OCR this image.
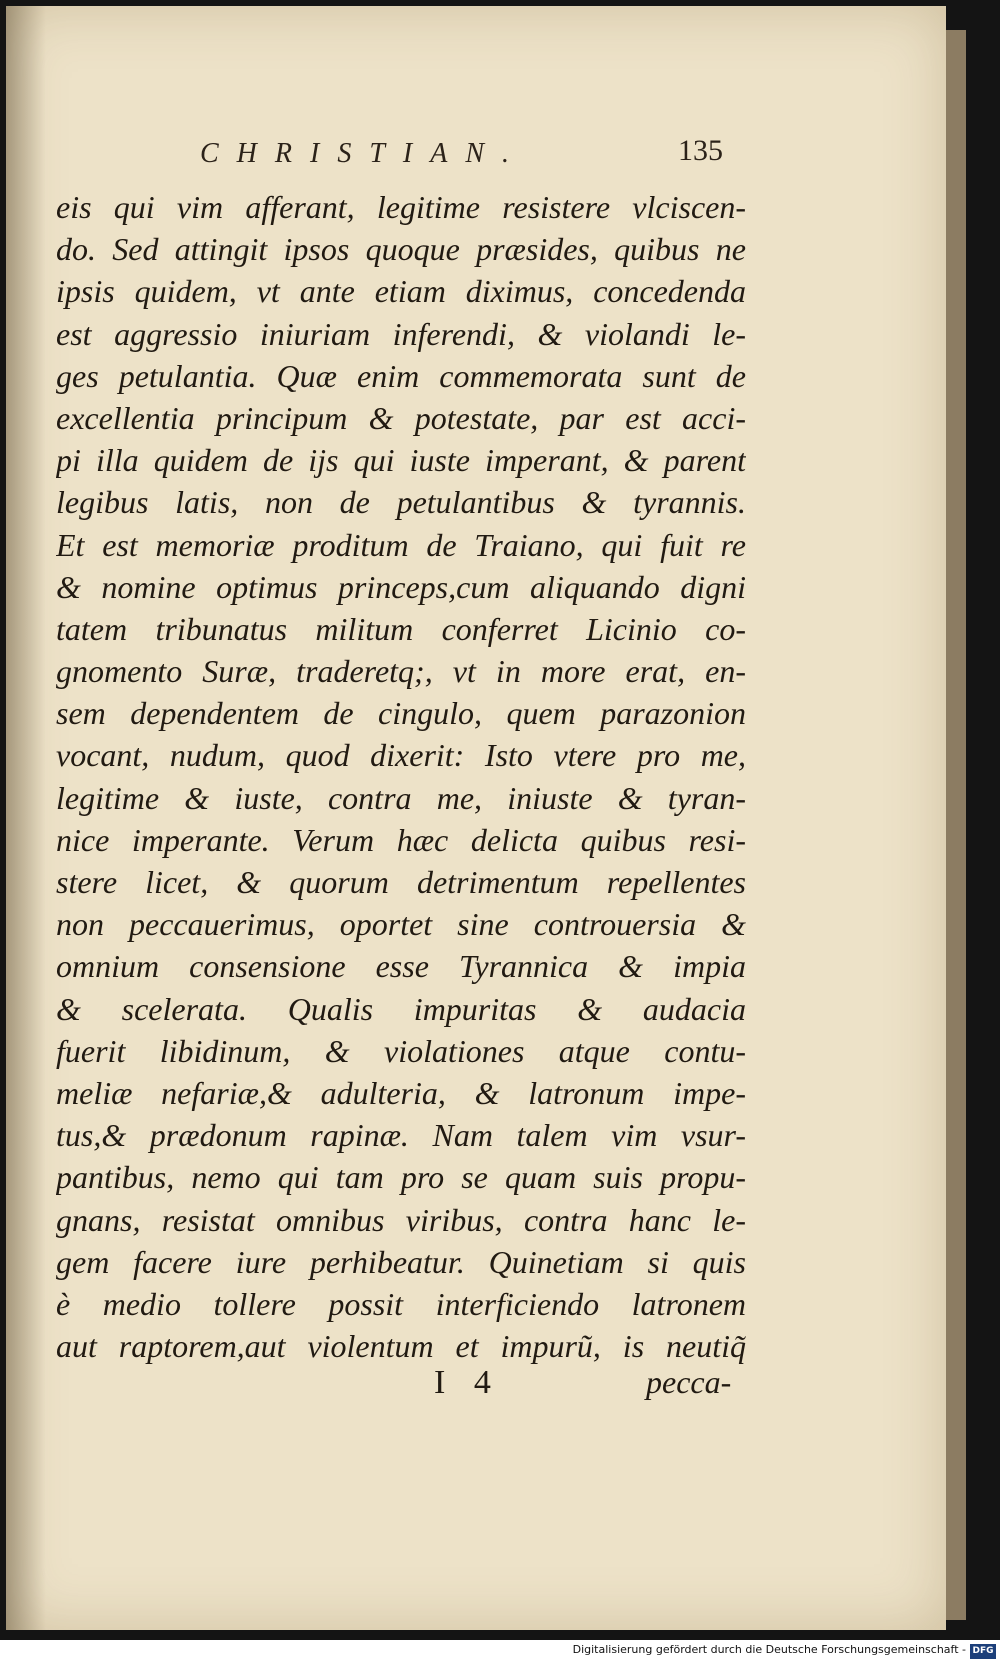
CHRISTIAN.	135
eis qui vim afferant, legitime resistere vlciscen-
do. Sed attingit ipsos quoque præsides, quibus ne
ipsis quidem, vt ante etiam diximus, concedenda
est aggressio iniuriam inferendi, & violandi le-
ges petulantia. Quæ enim commemorata sunt de
excellentia principum & potestate, par est acci-
pi illa quidem de ijs qui iuste imperant, & parent
legibus latis, non de petulantibus & tyrannis.
Et est memoriæ proditum de Traiano, qui fuit re
& nomine optimus princeps,cum aliquando digni
tatem tribunatus militum conferret Licinio co-
gnomento Suræ, traderetq;, vt in more erat, en-
sem dependentem de cingulo, quem parazonion
vocant, nudum, quod dixerit: Isto vtere pro me,
legitime & iuste, contra me, iniuste & tyran-
nice imperante. Verum hæc delicta quibus resi-
stere licet, & quorum detrimentum repellentes
non peccauerimus, oportet sine controuersia &
omnium consensione esse Tyrannica & impia
& scelerata. Qualis impuritas & audacia
fuerit libidinum, & violationes atque contu-
meliæ nefariæ,& adulteria, & latronum impe-
tus,& prædonum rapinæ. Nam talem vim vsur-
pantibus, nemo qui tam pro se quam suis propu-
gnans, resistat omnibus viribus, contra hanc le-
gem facere iure perhibeatur. Quinetiam si quis
è medio tollere possit interficiendo latronem
aut raptorem,aut violentum et impurũ, is neutiq̃
I 4	pecca-
Digitalisierung gefördert durch die Deutsche Forschungsgemeinschaft - DFG
